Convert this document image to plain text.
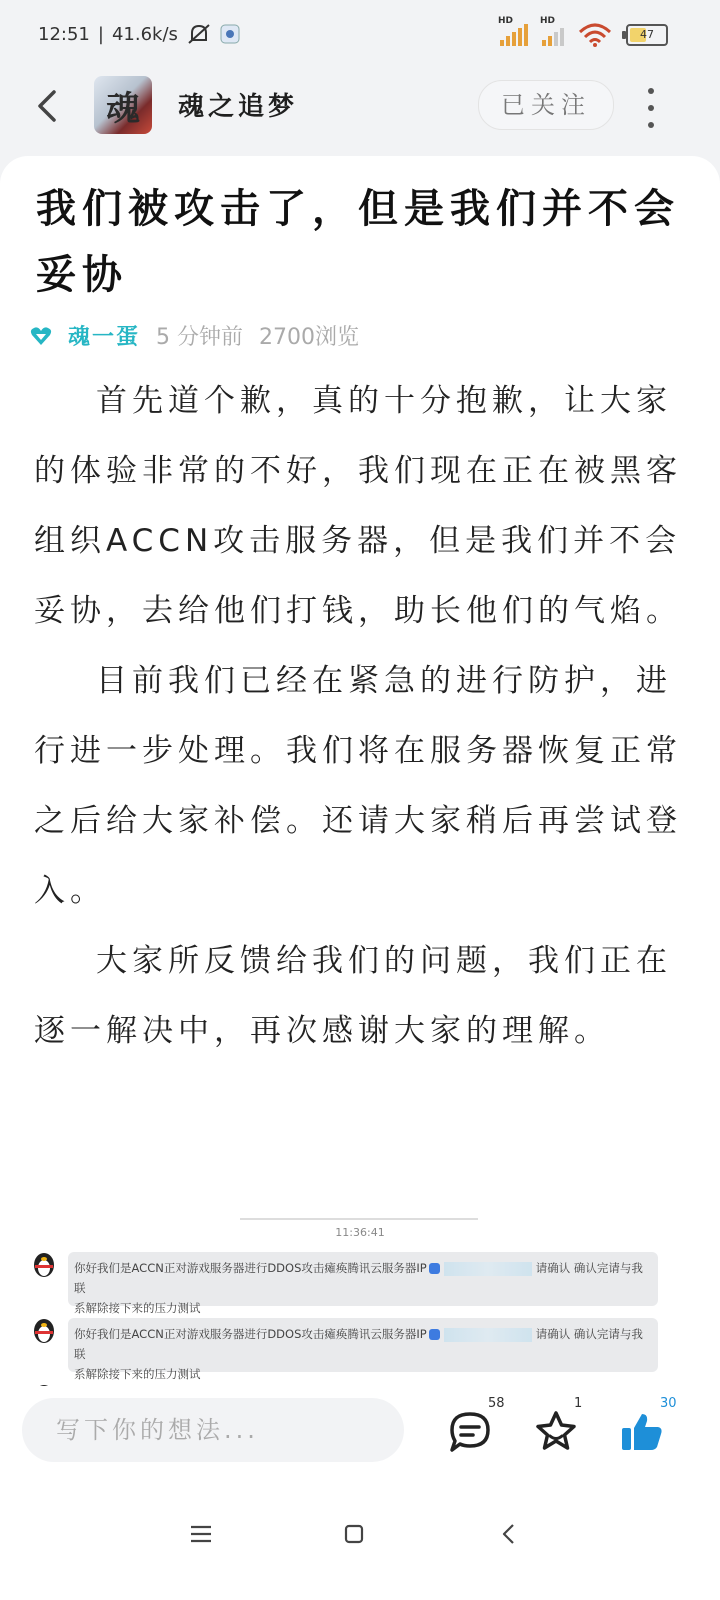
12:51 | 41.6k/s
HD	HD
47
魂	魂之追梦	已关注
我们被攻击了，但是我们并不会妥协
魂一蛋 5 分钟前 2700浏览

首先道个歉，真的十分抱歉，让大家的体验非常的不好，我们现在正在被黑客组织ACCN攻击服务器，但是我们并不会妥协，去给他们打钱，助长他们的气焰。

目前我们已经在紧急的进行防护，进行进一步处理。我们将在服务器恢复正常之后给大家补偿。还请大家稍后再尝试登入。

大家所反馈给我们的问题，我们正在逐一解决中，再次感谢大家的理解。

11:36:41
你好我们是ACCN正对游戏服务器进行DDOS攻击瘫痪腾讯云服务器IP	请确认 确认完请与我联
系解除接下来的压力测试
你好我们是ACCN正对游戏服务器进行DDOS攻击瘫痪腾讯云服务器IP	请确认 确认完请与我联
系解除接下来的压力测试
写下你的想法...
58	1	30
